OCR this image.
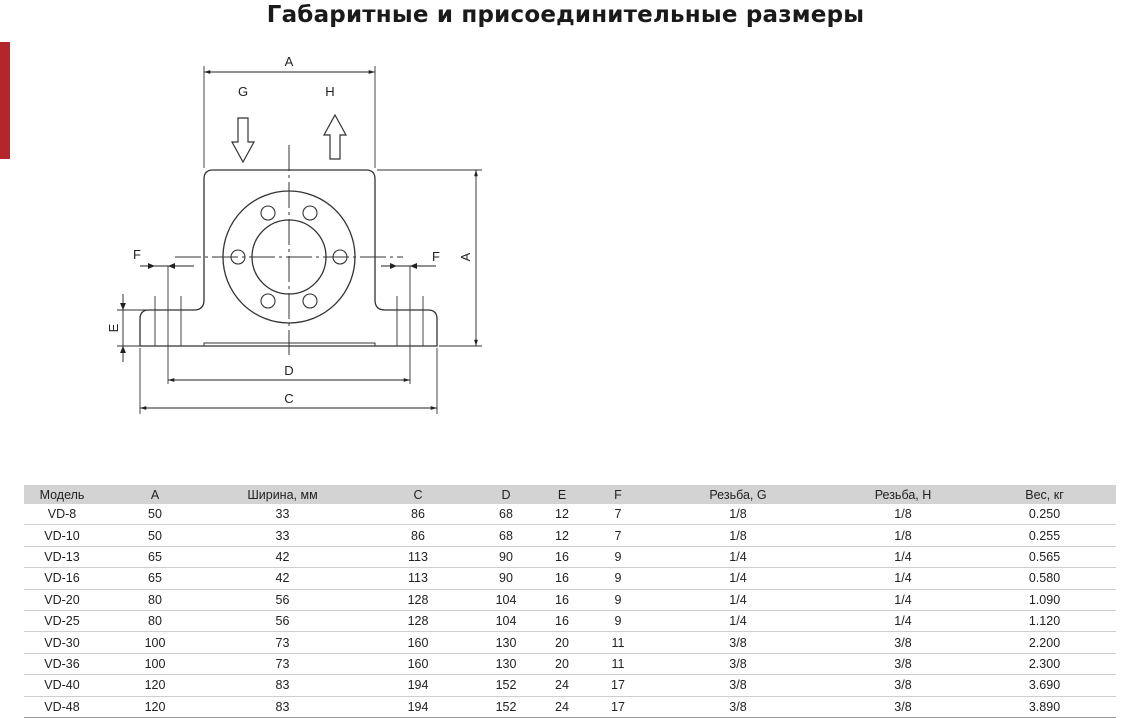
Габаритные и присоединительные размеры
A
G	H
A
F	F
E
D
C
Модель	A	Ширина, мм	C	D	E	F	Резьба, G	Резьба, H	Вес, кг
VD-8	50	33	86	68	12	7	1/8	1/8	0.250
VD-10	50	33	86	68	12	7	1/8	1/8	0.255
VD-13	65	42	113	90	16	9	1/4	1/4	0.565
VD-16	65	42	113	90	16	9	1/4	1/4	0.580
VD-20	80	56	128	104	16	9	1/4	1/4	1.090
VD-25	80	56	128	104	16	9	1/4	1/4	1.120
VD-30	100	73	160	130	20	11	3/8	3/8	2.200
VD-36	100	73	160	130	20	11	3/8	3/8	2.300
VD-40	120	83	194	152	24	17	3/8	3/8	3.690
VD-48	120	83	194	152	24	17	3/8	3/8	3.890
